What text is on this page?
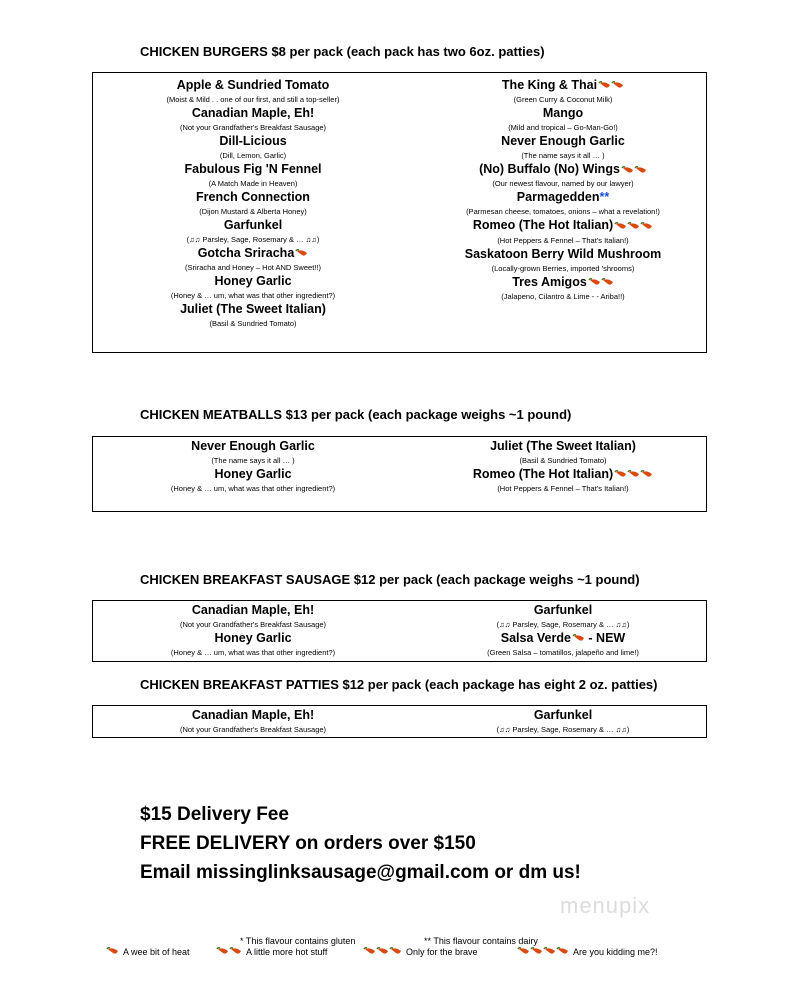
CHICKEN BURGERS $8 per pack (each pack has two 6oz. patties)
Apple & Sundried Tomato
(Moist & Mild . . one of our first, and still a top-seller)
Canadian Maple, Eh!
(Not your Grandfather's Breakfast Sausage)
Dill-Licious
(Dill, Lemon, Garlic)
Fabulous Fig 'N Fennel
(A Match Made in Heaven)
French Connection
(Dijon Mustard & Alberta Honey)
Garfunkel
(♫♫ Parsley, Sage, Rosemary & … ♫♫)
Gotcha Sriracha
(Sriracha and Honey – Hot AND Sweet!!)
Honey Garlic
(Honey & … um, what was that other ingredient?)
Juliet (The Sweet Italian)
(Basil & Sundried Tomato)
The King & Thai
(Green Curry & Coconut Milk)
Mango
(Mild and tropical – Go-Man-Go!)
Never Enough Garlic
(The name says it all … )
(No) Buffalo (No) Wings
(Our newest flavour, named by our lawyer)
Parmagedden**
(Parmesan cheese, tomatoes, onions – what a revelation!)
Romeo (The Hot Italian)
(Hot Peppers & Fennel – That's Italian!)
Saskatoon Berry Wild Mushroom
(Locally-grown Berries, imported 'shrooms)
Tres Amigos
(Jalapeno, Cilantro & Lime - - Ariba!!)
CHICKEN MEATBALLS $13 per pack (each package weighs ~1 pound)
Never Enough Garlic
(The name says it all … )
Honey Garlic
(Honey & … um, what was that other ingredient?)
Juliet (The Sweet Italian)
(Basil & Sundried Tomato)
Romeo (The Hot Italian)
(Hot Peppers & Fennel – That's Italian!)
CHICKEN BREAKFAST SAUSAGE $12 per pack (each package weighs ~1 pound)
Canadian Maple, Eh!
(Not your Grandfather's Breakfast Sausage)
Honey Garlic
(Honey & … um, what was that other ingredient?)
Garfunkel
(♫♫ Parsley, Sage, Rosemary & … ♫♫)
Salsa Verde - NEW
(Green Salsa – tomatillos, jalapeño and lime!)
CHICKEN BREAKFAST PATTIES $12 per pack (each package has eight 2 oz. patties)
Canadian Maple, Eh!
(Not your Grandfather's Breakfast Sausage)
Garfunkel
(♫♫ Parsley, Sage, Rosemary & … ♫♫)
$15 Delivery Fee
FREE DELIVERY on orders over $150
Email missinglinksausage@gmail.com or dm us!
menupix
* This flavour contains gluten	** This flavour contains dairy
A wee bit of heat	A little more hot stuff	Only for the brave	Are you kidding me?!
